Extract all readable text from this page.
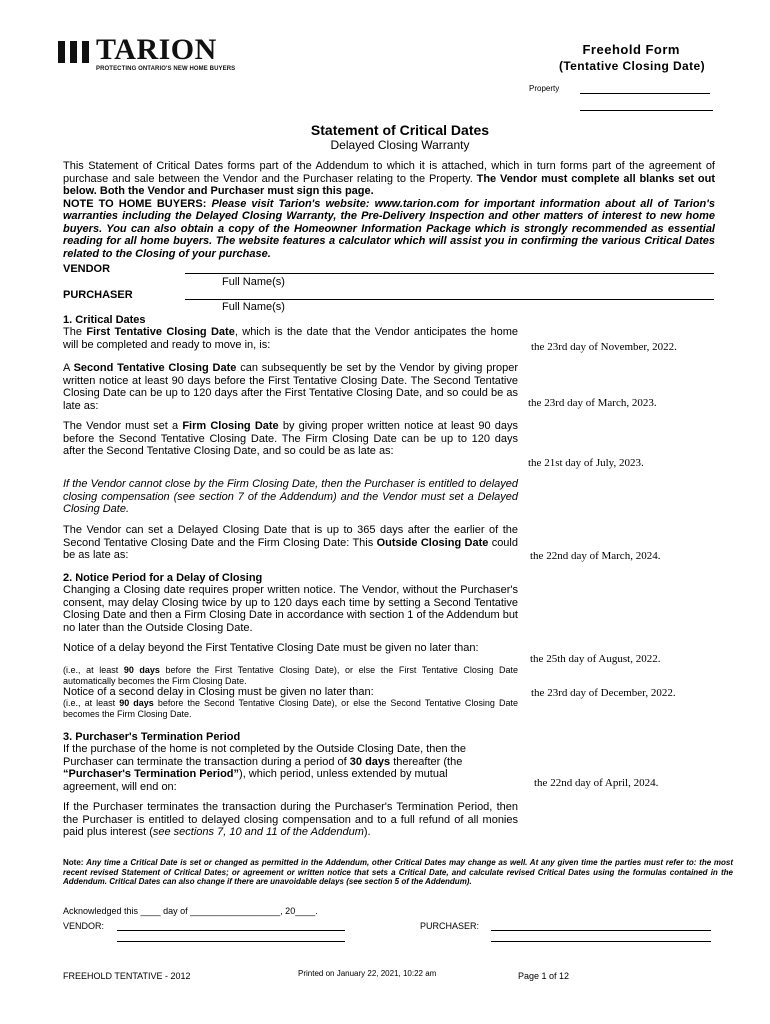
TARION
PROTECTING ONTARIO'S NEW HOME BUYERS
Freehold Form
(Tentative Closing Date)
Property
Statement of Critical Dates
Delayed Closing Warranty
This Statement of Critical Dates forms part of the Addendum to which it is attached, which in turn forms part of the agreement of purchase and sale between the Vendor and the Purchaser relating to the Property. The Vendor must complete all blanks set out below. Both the Vendor and Purchaser must sign this page.
NOTE TO HOME BUYERS: Please visit Tarion's website: www.tarion.com for important information about all of Tarion's warranties including the Delayed Closing Warranty, the Pre-Delivery Inspection and other matters of interest to new home buyers. You can also obtain a copy of the Homeowner Information Package which is strongly recommended as essential reading for all home buyers. The website features a calculator which will assist you in confirming the various Critical Dates related to the Closing of your purchase.
VENDOR
Full Name(s)
PURCHASER
Full Name(s)
1. Critical Dates
The First Tentative Closing Date, which is the date that the Vendor anticipates the home will be completed and ready to move in, is:	the 23rd day of November, 2022.
A Second Tentative Closing Date can subsequently be set by the Vendor by giving proper written notice at least 90 days before the First Tentative Closing Date. The Second Tentative Closing Date can be up to 120 days after the First Tentative Closing Date, and so could be as late as:	the 23rd day of March, 2023.
The Vendor must set a Firm Closing Date by giving proper written notice at least 90 days before the Second Tentative Closing Date. The Firm Closing Date can be up to 120 days after the Second Tentative Closing Date, and so could be as late as:
the 21st day of July, 2023.
If the Vendor cannot close by the Firm Closing Date, then the Purchaser is entitled to delayed closing compensation (see section 7 of the Addendum) and the Vendor must set a Delayed Closing Date.
The Vendor can set a Delayed Closing Date that is up to 365 days after the earlier of the Second Tentative Closing Date and the Firm Closing Date: This Outside Closing Date could be as late as:	the 22nd day of March, 2024.
2. Notice Period for a Delay of Closing
Changing a Closing date requires proper written notice. The Vendor, without the Purchaser's consent, may delay Closing twice by up to 120 days each time by setting a Second Tentative Closing Date and then a Firm Closing Date in accordance with section 1 of the Addendum but no later than the Outside Closing Date.
Notice of a delay beyond the First Tentative Closing Date must be given no later than:
(i.e., at least 90 days before the First Tentative Closing Date), or else the First Tentative Closing Date automatically becomes the Firm Closing Date.
the 25th day of August, 2022.
Notice of a second delay in Closing must be given no later than:
(i.e., at least 90 days before the Second Tentative Closing Date), or else the Second Tentative Closing Date becomes the Firm Closing Date.
the 23rd day of December, 2022.
3. Purchaser's Termination Period
If the purchase of the home is not completed by the Outside Closing Date, then the Purchaser can terminate the transaction during a period of 30 days thereafter (the “Purchaser's Termination Period”), which period, unless extended by mutual agreement, will end on:	the 22nd day of April, 2024.
If the Purchaser terminates the transaction during the Purchaser's Termination Period, then the Purchaser is entitled to delayed closing compensation and to a full refund of all monies paid plus interest (see sections 7, 10 and 11 of the Addendum).
Note: Any time a Critical Date is set or changed as permitted in the Addendum, other Critical Dates may change as well. At any given time the parties must refer to: the most recent revised Statement of Critical Dates; or agreement or written notice that sets a Critical Date, and calculate revised Critical Dates using the formulas contained in the Addendum. Critical Dates can also change if there are unavoidable delays (see section 5 of the Addendum).
Acknowledged this ____ day of __________________, 20____.
VENDOR:	PURCHASER:
FREEHOLD TENTATIVE - 2012	Printed on January 22, 2021, 10:22 am	Page 1 of 12
